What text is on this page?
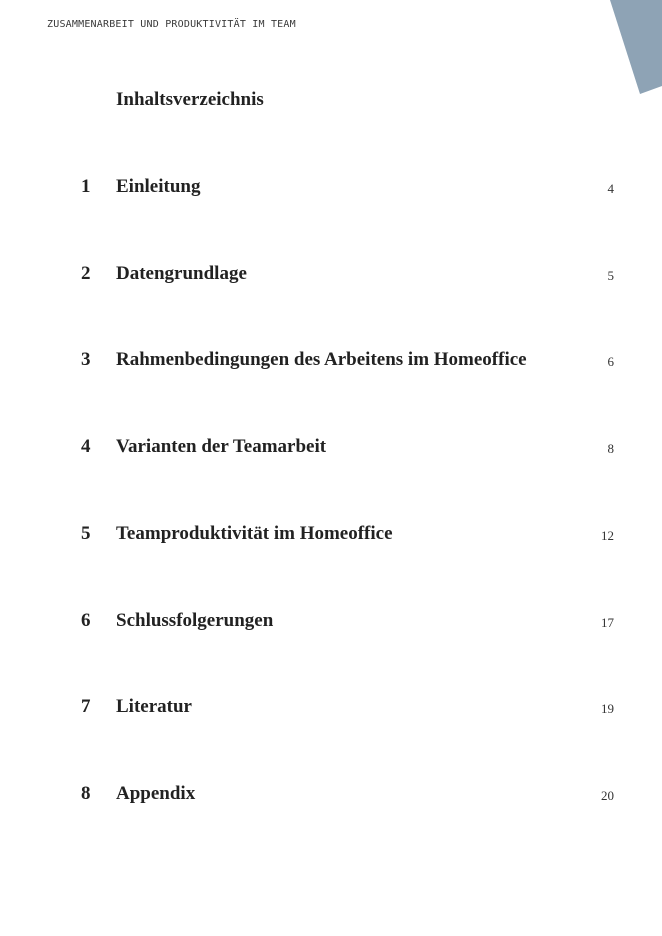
ZUSAMMENARBEIT UND PRODUKTIVITÄT IM TEAM
Inhaltsverzeichnis
1 Einleitung	4
2 Datengrundlage	5
3 Rahmenbedingungen des Arbeitens im Homeoffice	6
4 Varianten der Teamarbeit	8
5 Teamproduktivität im Homeoffice	12
6 Schlussfolgerungen	17
7 Literatur	19
8 Appendix	20
